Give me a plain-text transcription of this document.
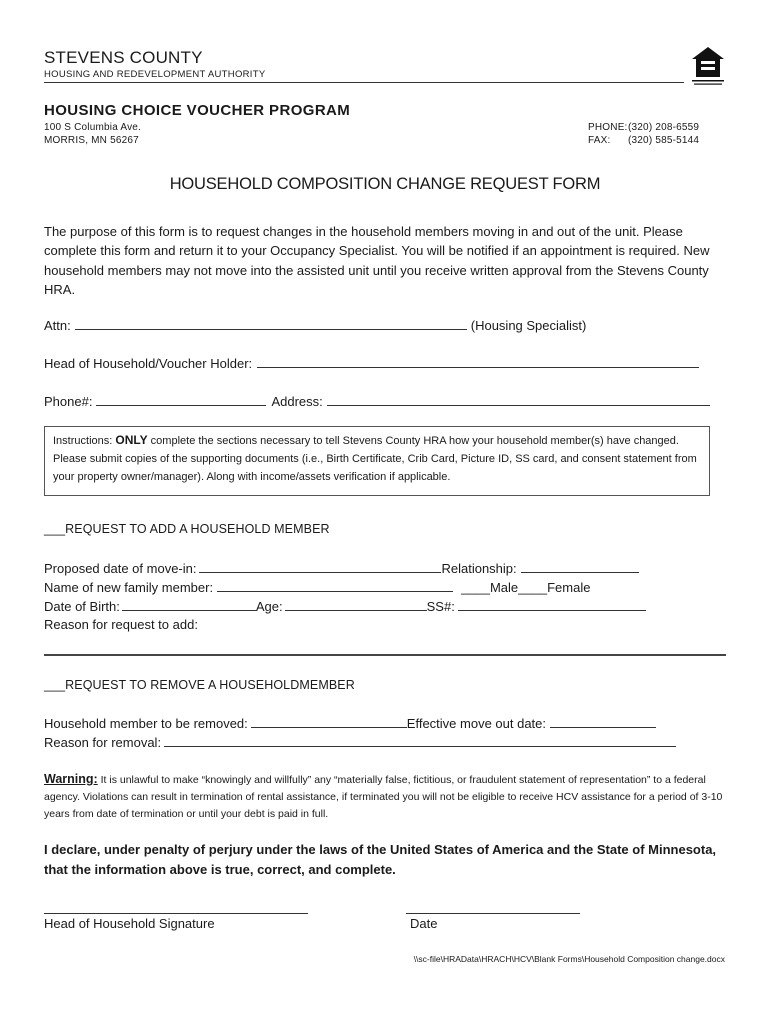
STEVENS COUNTY
HOUSING AND REDEVELOPMENT AUTHORITY
HOUSING CHOICE VOUCHER PROGRAM
100 S Columbia Ave.
MORRIS, MN 56267
PHONE:(320) 208-6559
FAX: (320) 585-5144
HOUSEHOLD COMPOSITION CHANGE REQUEST FORM
The purpose of this form is to request changes in the household members moving in and out of the unit. Please complete this form and return it to your Occupancy Specialist. You will be notified if an appointment is required. New household members may not move into the assisted unit until you receive written approval from the Stevens County HRA.
Attn:	(Housing Specialist)
Head of Household/Voucher Holder:
Phone#:	Address:
Instructions: ONLY complete the sections necessary to tell Stevens County HRA how your household member(s) have changed. Please submit copies of the supporting documents (i.e., Birth Certificate, Crib Card, Picture ID, SS card, and consent statement from your property owner/manager). Along with income/assets verification if applicable.
___REQUEST TO ADD A HOUSEHOLD MEMBER
Proposed date of move-in:	Relationship:
Name of new family member:	____Male ____Female
Date of Birth:	Age:	SS#:
Reason for request to add:
___REQUEST TO REMOVE A HOUSEHOLDMEMBER
Household member to be removed:	Effective move out date:
Reason for removal:
Warning: It is unlawful to make “knowingly and willfully” any “materially false, fictitious, or fraudulent statement of representation” to a federal agency. Violations can result in termination of rental assistance, if terminated you will not be eligible to receive HCV assistance for a period of 3-10 years from date of termination or until your debt is paid in full.
I declare, under penalty of perjury under the laws of the United States of America and the State of Minnesota, that the information above is true, correct, and complete.
Head of Household Signature	Date
\\sc-file\HRAData\HRACH\HCV\Blank Forms\Household Composition change.docx
